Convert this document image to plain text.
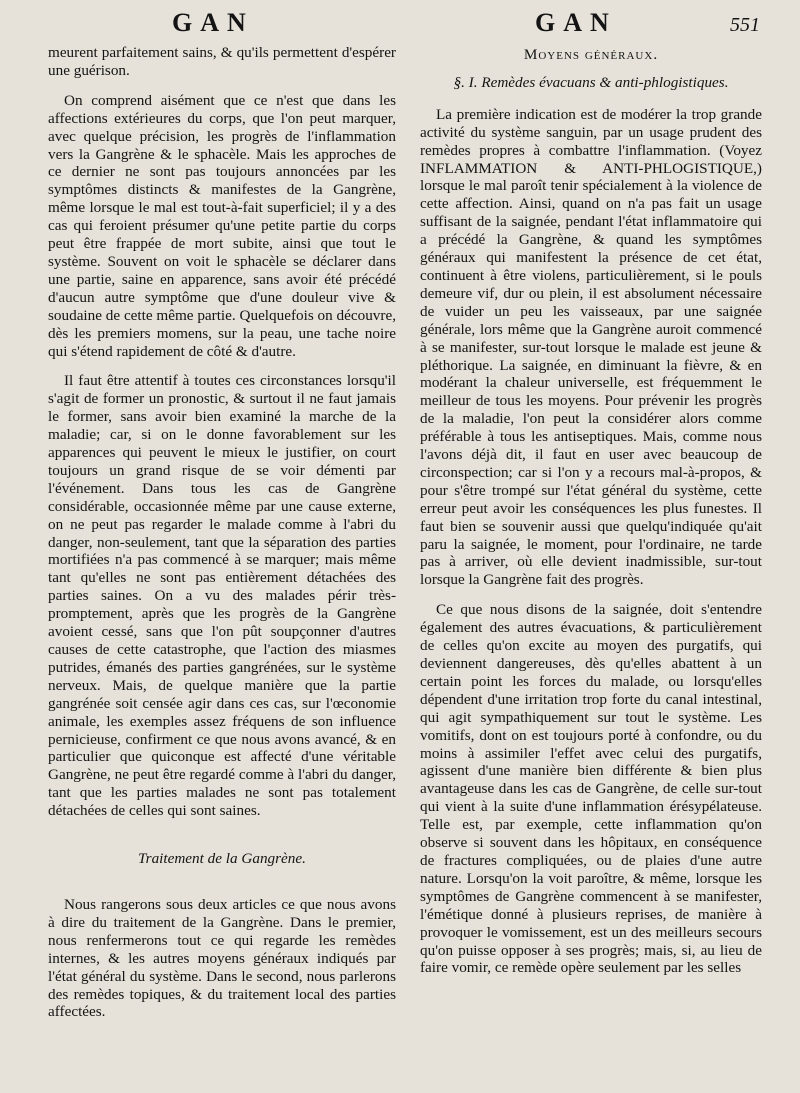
GAN	GAN	551

meurent parfaitement sains, & qu'ils permettent d'espérer une guérison.

On comprend aisément que ce n'est que dans les affections extérieures du corps, que l'on peut marquer, avec quelque précision, les progrès de l'inflammation vers la Gangrène & le sphacèle. Mais les approches de ce dernier ne sont pas toujours annoncées par les symptômes distincts & manifestes de la Gangrène, même lorsque le mal est tout-à-fait superficiel; il y a des cas qui feroient présumer qu'une petite partie du corps peut être frappée de mort subite, ainsi que tout le système. Souvent on voit le sphacèle se déclarer dans une partie, saine en apparence, sans avoir été précédé d'aucun autre symptôme que d'une douleur vive & soudaine de cette même partie. Quelquefois on découvre, dès les premiers momens, sur la peau, une tache noire qui s'étend rapidement de côté & d'autre.

Il faut être attentif à toutes ces circonstances lorsqu'il s'agit de former un pronostic, & surtout il ne faut jamais le former, sans avoir bien examiné la marche de la maladie; car, si on le donne favorablement sur les apparences qui peuvent le mieux le justifier, on court toujours un grand risque de se voir démenti par l'événement. Dans tous les cas de Gangrène considérable, occasionnée même par une cause externe, on ne peut pas regarder le malade comme à l'abri du danger, non-seulement, tant que la séparation des parties mortifiées n'a pas commencé à se marquer; mais même tant qu'elles ne sont pas entièrement détachées des parties saines. On a vu des malades périr très-promptement, après que les progrès de la Gangrène avoient cessé, sans que l'on pût soupçonner d'autres causes de cette catastrophe, que l'action des miasmes putrides, émanés des parties gangrénées, sur le système nerveux. Mais, de quelque manière que la partie gangrénée soit censée agir dans ces cas, sur l'œconomie animale, les exemples assez fréquens de son influence pernicieuse, confirment ce que nous avons avancé, & en particulier que quiconque est affecté d'une véritable Gangrène, ne peut être regardé comme à l'abri du danger, tant que les parties malades ne sont pas totalement détachées de celles qui sont saines.

Traitement de la Gangrène.

Nous rangerons sous deux articles ce que nous avons à dire du traitement de la Gangrène. Dans le premier, nous renfermerons tout ce qui regarde les remèdes internes, & les autres moyens généraux indiqués par l'état général du système. Dans le second, nous parlerons des remèdes topiques, & du traitement local des parties affectées.

Moyens généraux.
§. I. Remèdes évacuans & anti-phlogistiques.

La première indication est de modérer la trop grande activité du système sanguin, par un usage prudent des remèdes propres à combattre l'inflammation. (Voyez INFLAMMATION & ANTI-PHLOGISTIQUE,) lorsque le mal paroît tenir spécialement à la violence de cette affection. Ainsi, quand on n'a pas fait un usage suffisant de la saignée, pendant l'état inflammatoire qui a précédé la Gangrène, & quand les symptômes généraux qui manifestent la présence de cet état, continuent à être violens, particulièrement, si le pouls demeure vif, dur ou plein, il est absolument nécessaire de vuider un peu les vaisseaux, par une saignée générale, lors même que la Gangrène auroit commencé à se manifester, sur-tout lorsque le malade est jeune & pléthorique. La saignée, en diminuant la fièvre, & en modérant la chaleur universelle, est fréquemment le meilleur de tous les moyens. Pour prévenir les progrès de la maladie, l'on peut la considérer alors comme préférable à tous les antiseptiques. Mais, comme nous l'avons déjà dit, il faut en user avec beaucoup de circonspection; car si l'on y a recours mal-à-propos, & pour s'être trompé sur l'état général du système, cette erreur peut avoir les conséquences les plus funestes. Il faut bien se souvenir aussi que quelqu'indiquée qu'ait paru la saignée, le moment, pour l'ordinaire, ne tarde pas à arriver, où elle devient inadmissible, sur-tout lorsque la Gangrène fait des progrès.

Ce que nous disons de la saignée, doit s'entendre également des autres évacuations, & particulièrement de celles qu'on excite au moyen des purgatifs, qui deviennent dangereuses, dès qu'elles abattent à un certain point les forces du malade, ou lorsqu'elles dépendent d'une irritation trop forte du canal intestinal, qui agit sympathiquement sur tout le système. Les vomitifs, dont on est toujours porté à confondre, ou du moins à assimiler l'effet avec celui des purgatifs, agissent d'une manière bien différente & bien plus avantageuse dans les cas de Gangrène, de celle sur-tout qui vient à la suite d'une inflammation érésypélateuse. Telle est, par exemple, cette inflammation qu'on observe si souvent dans les hôpitaux, en conséquence de fractures compliquées, ou de plaies d'une autre nature. Lorsqu'on la voit paroître, & même, lorsque les symptômes de Gangrène commencent à se manifester, l'émétique donné à plusieurs reprises, de manière à provoquer le vomissement, est un des meilleurs secours qu'on puisse opposer à ses progrès; mais, si, au lieu de faire vomir, ce remède opère seulement par les selles
